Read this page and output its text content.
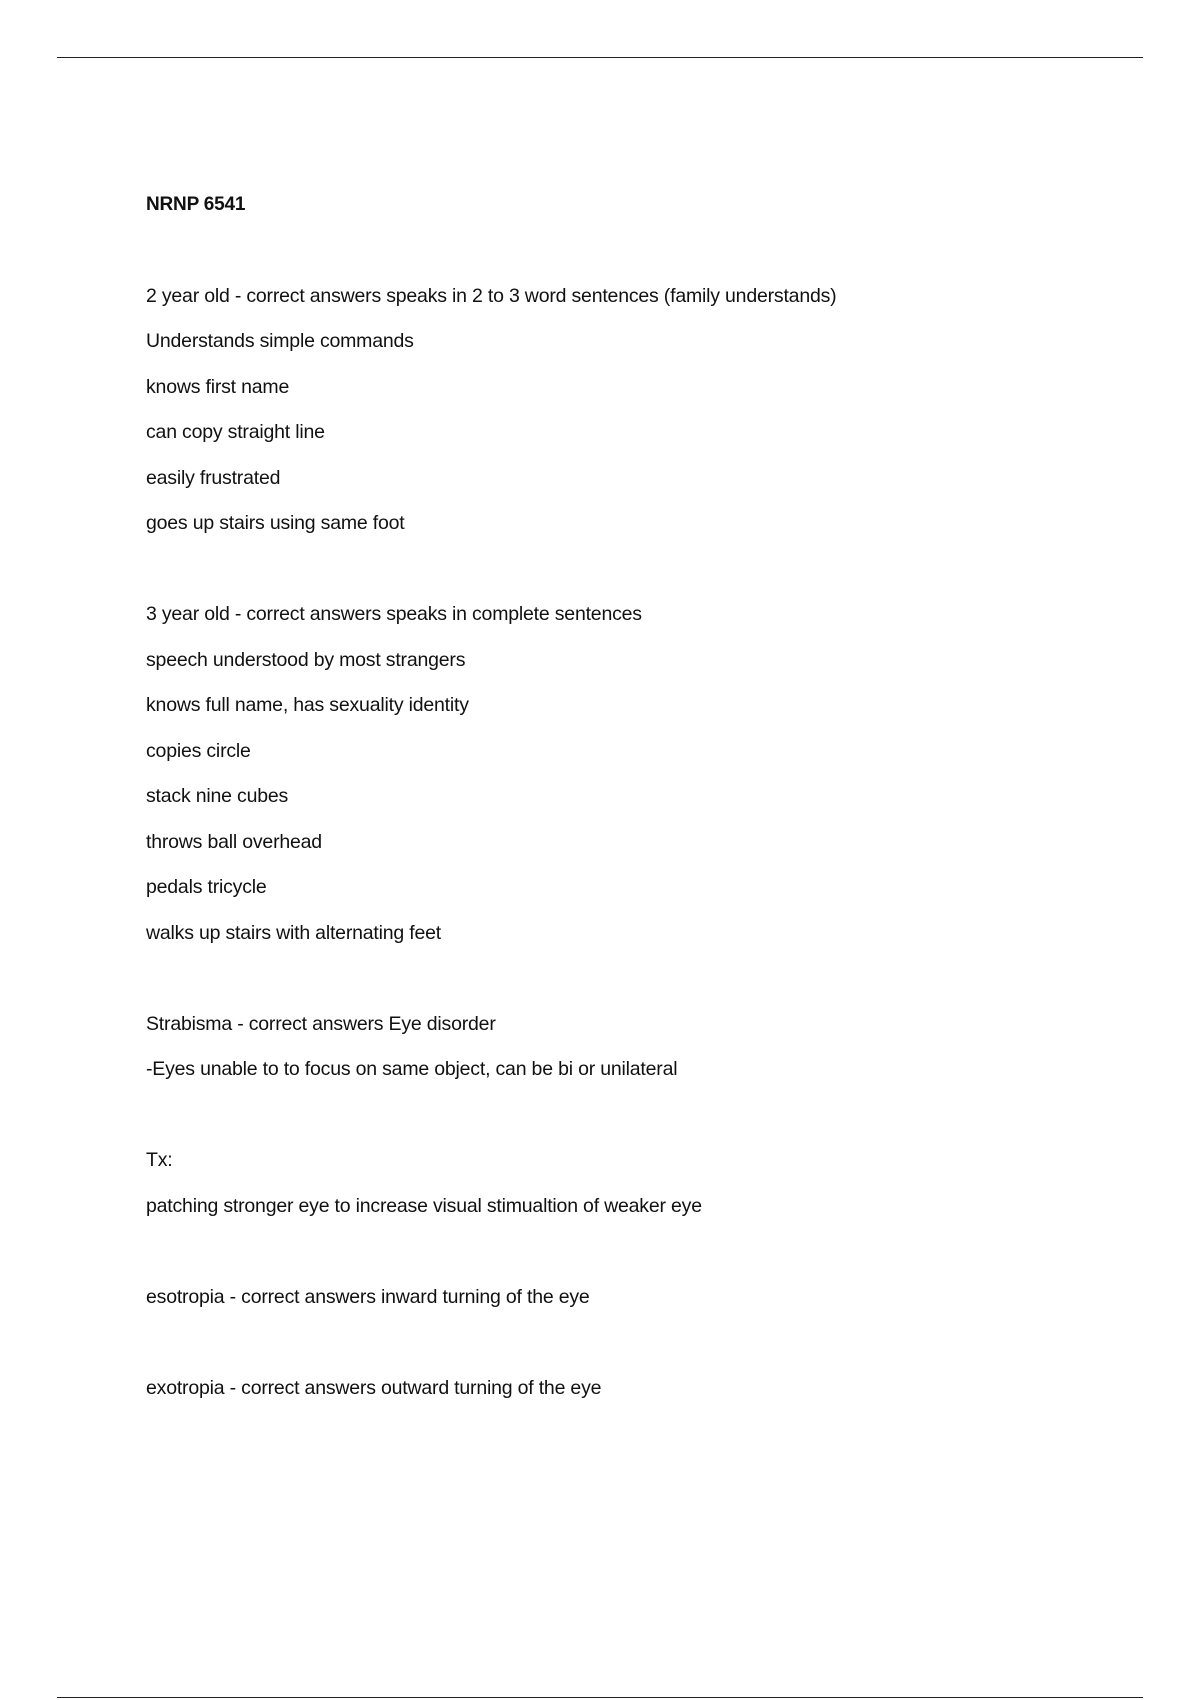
NRNP 6541
2 year old - correct answers speaks in 2 to 3 word sentences (family understands)
Understands simple commands
knows first name
can copy straight line
easily frustrated
goes up stairs using same foot
3 year old - correct answers speaks in complete sentences
speech understood by most strangers
knows full name, has sexuality identity
copies circle
stack nine cubes
throws ball overhead
pedals tricycle
walks up stairs with alternating feet
Strabisma - correct answers Eye disorder
-Eyes unable to to focus on same object, can be bi or unilateral
Tx:
patching stronger eye to increase visual stimualtion of weaker eye
esotropia - correct answers inward turning of the eye
exotropia - correct answers outward turning of the eye
